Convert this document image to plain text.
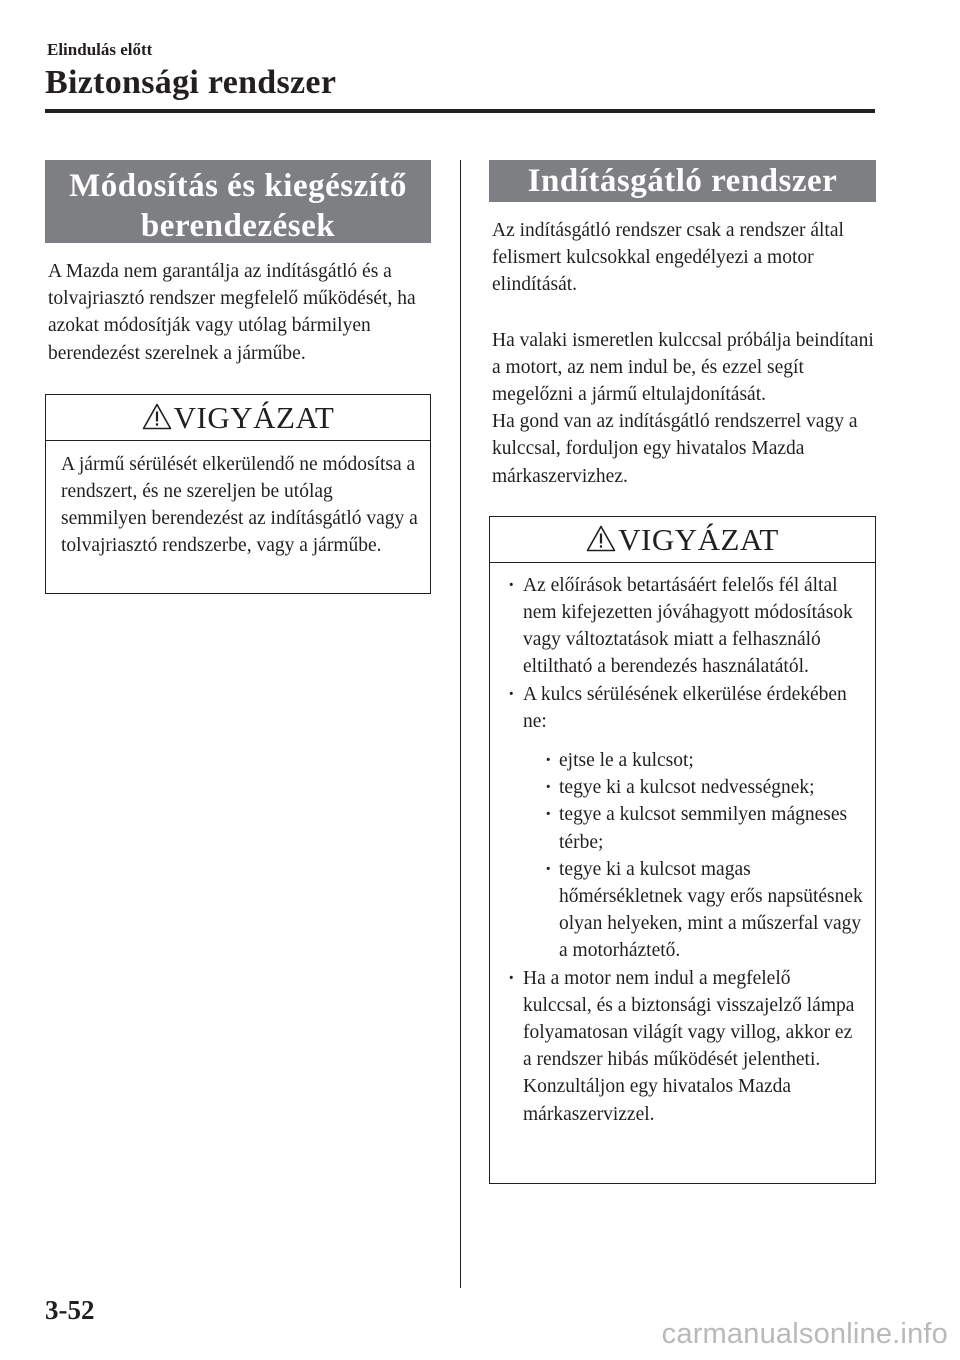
Elindulás előtt
Biztonsági rendszer
Módosítás és kiegészítő
berendezések

A Mazda nem garantálja az indításgátló és a tolvajriasztó rendszer megfelelő működését, ha azokat módosítják vagy utólag bármilyen berendezést szerelnek a járműbe.

VIGYÁZAT
A jármű sérülését elkerülendő ne módosítsa a rendszert, és ne szereljen be utólag semmilyen berendezést az indításgátló vagy a tolvajriasztó rendszerbe, vagy a járműbe.
Indításgátló rendszer

Az indításgátló rendszer csak a rendszer által felismert kulcsokkal engedélyezi a motor elindítását.

Ha valaki ismeretlen kulccsal próbálja beindítani a motort, az nem indul be, és ezzel segít megelőzni a jármű eltulajdonítását.

Ha gond van az indításgátló rendszerrel vagy a kulccsal, forduljon egy hivatalos Mazda márkaszervizhez.

VIGYÁZAT
· Az előírások betartásáért felelős fél által nem kifejezetten jóváhagyott módosítások vagy változtatások miatt a felhasználó eltiltható a berendezés használatától.
· A kulcs sérülésének elkerülése érdekében ne:
· ejtse le a kulcsot;
· tegye ki a kulcsot nedvességnek;
· tegye a kulcsot semmilyen mágneses térbe;
· tegye ki a kulcsot magas hőmérsékletnek vagy erős napsütésnek olyan helyeken, mint a műszerfal vagy a motorháztető.
· Ha a motor nem indul a megfelelő kulccsal, és a biztonsági visszajelző lámpa folyamatosan világít vagy villog, akkor ez a rendszer hibás működését jelentheti. Konzultáljon egy hivatalos Mazda márkaszervizzel.
3-52
carmanualsonline.info
